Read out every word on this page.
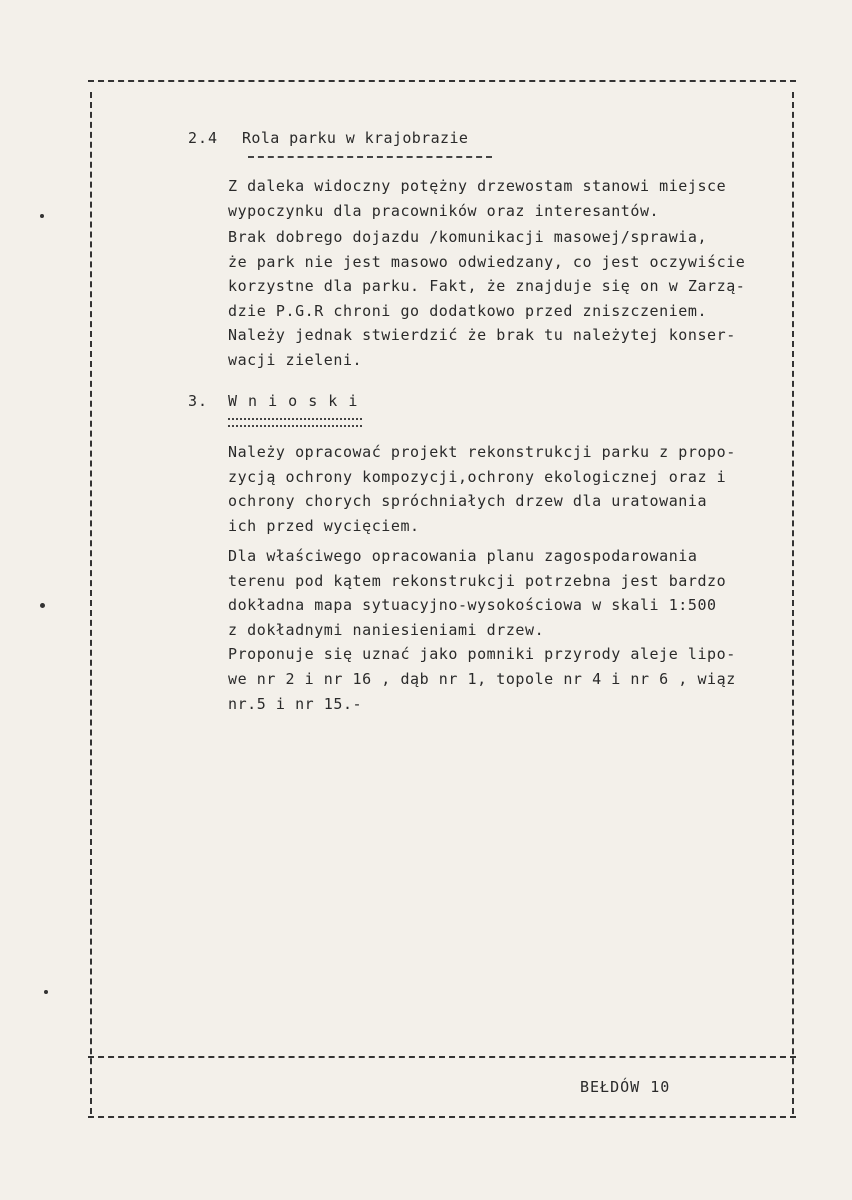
2.4 Rola parku w krajobrazie
Z daleka widoczny potężny drzewostam stanowi miejsce
wypoczynku dla pracowników oraz interesantów.
Brak dobrego dojazdu /komunikacji masowej/sprawia,
że park nie jest masowo odwiedzany, co jest oczywiście
korzystne dla parku. Fakt, że znajduje się on w Zarzą-
dzie P.G.R chroni go dodatkowo przed zniszczeniem.
Należy jednak stwierdzić że brak tu należytej konser-
wacji zieleni.
3. W n i o s k i
Należy opracować projekt rekonstrukcji parku z propo-
zycją ochrony kompozycji,ochrony ekologicznej oraz i
ochrony chorych spróchniałych drzew dla uratowania
ich przed wycięciem.
Dla właściwego opracowania planu zagospodarowania
terenu pod kątem rekonstrukcji potrzebna jest bardzo
dokładna mapa sytuacyjno-wysokościowa w skali 1:500
z dokładnymi naniesieniami drzew.
Proponuje się uznać jako pomniki przyrody aleje lipo-
we nr 2 i nr 16 , dąb nr 1, topole nr 4 i nr 6 , wiąz
nr.5 i nr 15.-
BEŁDÓW 10
